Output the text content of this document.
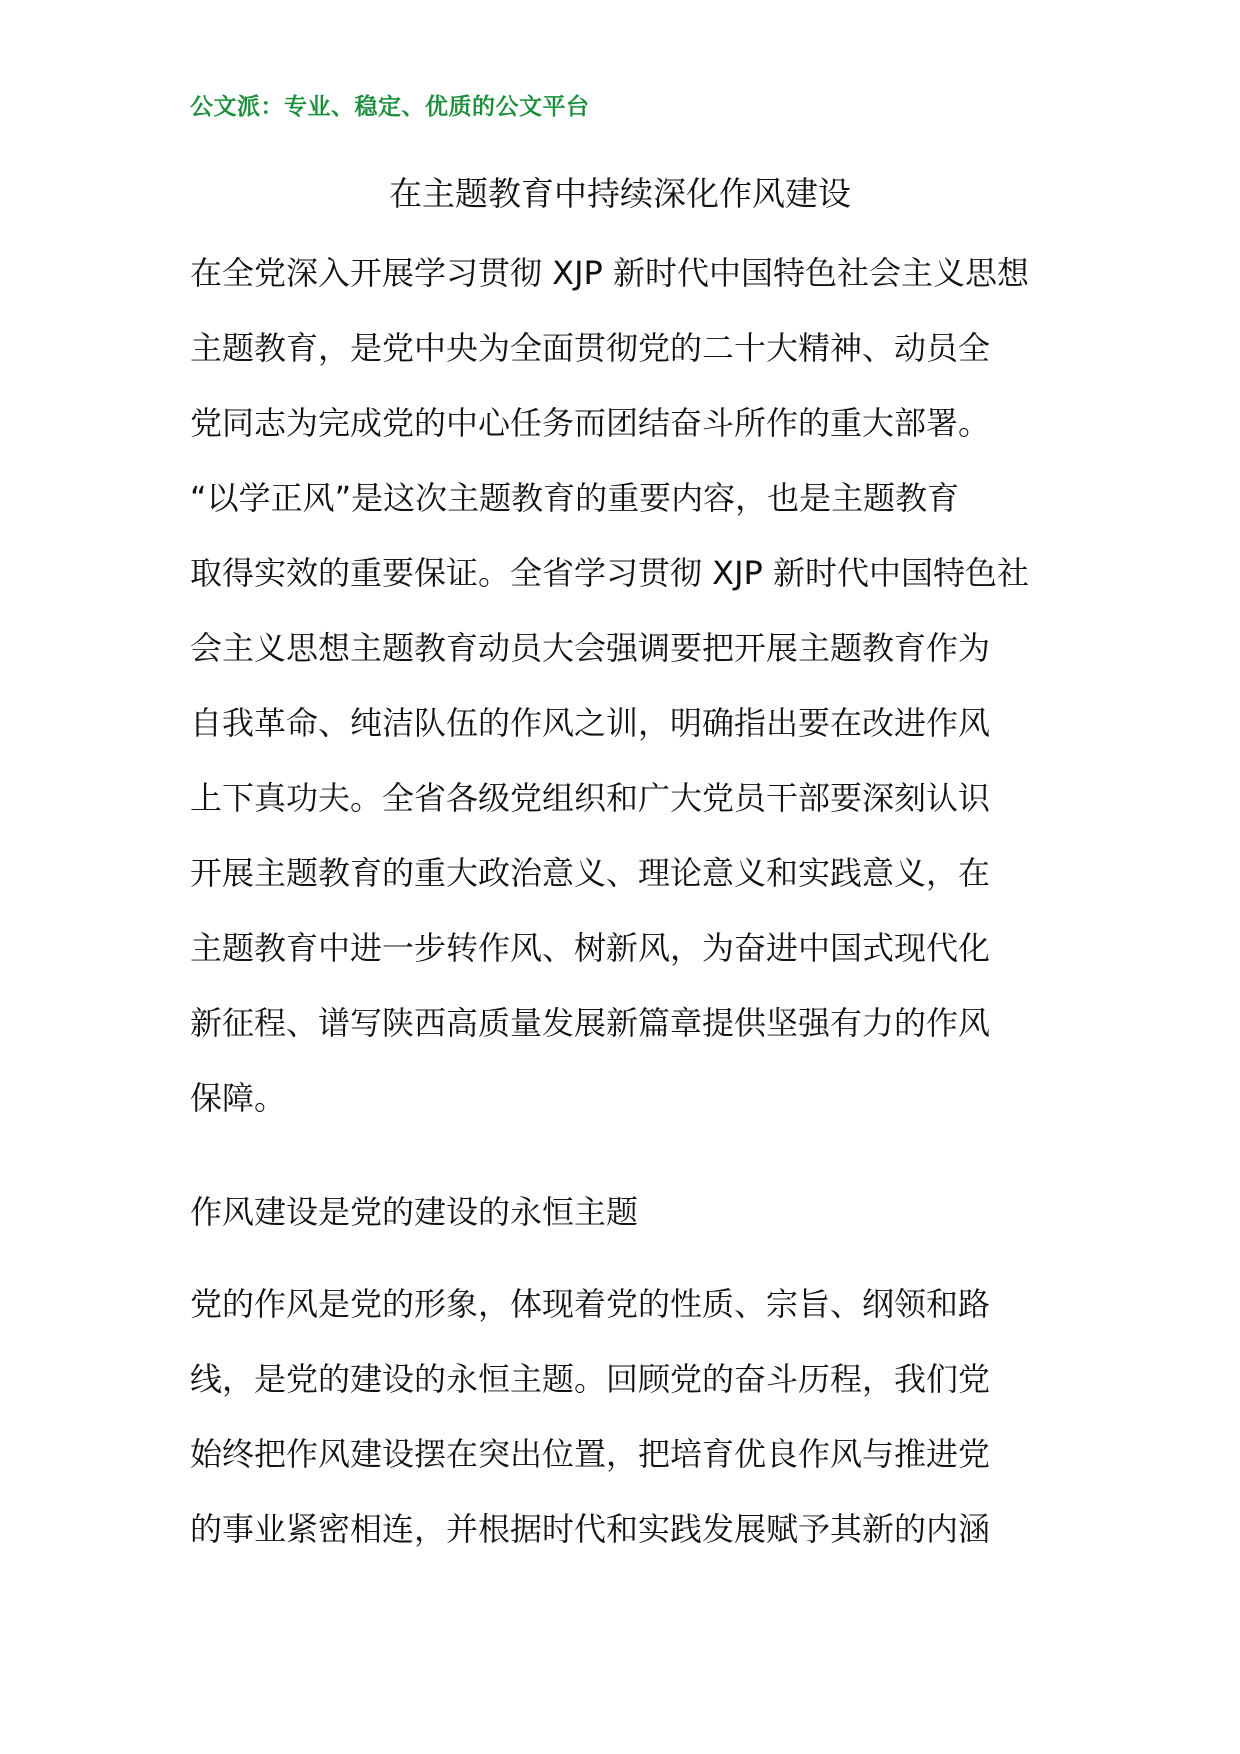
公文派：专业、稳定、优质的公文平台
在主题教育中持续深化作风建设
在全党深入开展学习贯彻 XJP 新时代中国特色社会主义思想
主题教育，是党中央为全面贯彻党的二十大精神、动员全
党同志为完成党的中心任务而团结奋斗所作的重大部署。
“以学正风”是这次主题教育的重要内容，也是主题教育
取得实效的重要保证。全省学习贯彻 XJP 新时代中国特色社
会主义思想主题教育动员大会强调要把开展主题教育作为
自我革命、纯洁队伍的作风之训，明确指出要在改进作风
上下真功夫。全省各级党组织和广大党员干部要深刻认识
开展主题教育的重大政治意义、理论意义和实践意义，在
主题教育中进一步转作风、树新风，为奋进中国式现代化
新征程、谱写陕西高质量发展新篇章提供坚强有力的作风
保障。
作风建设是党的建设的永恒主题
党的作风是党的形象，体现着党的性质、宗旨、纲领和路
线，是党的建设的永恒主题。回顾党的奋斗历程，我们党
始终把作风建设摆在突出位置，把培育优良作风与推进党
的事业紧密相连，并根据时代和实践发展赋予其新的内涵
